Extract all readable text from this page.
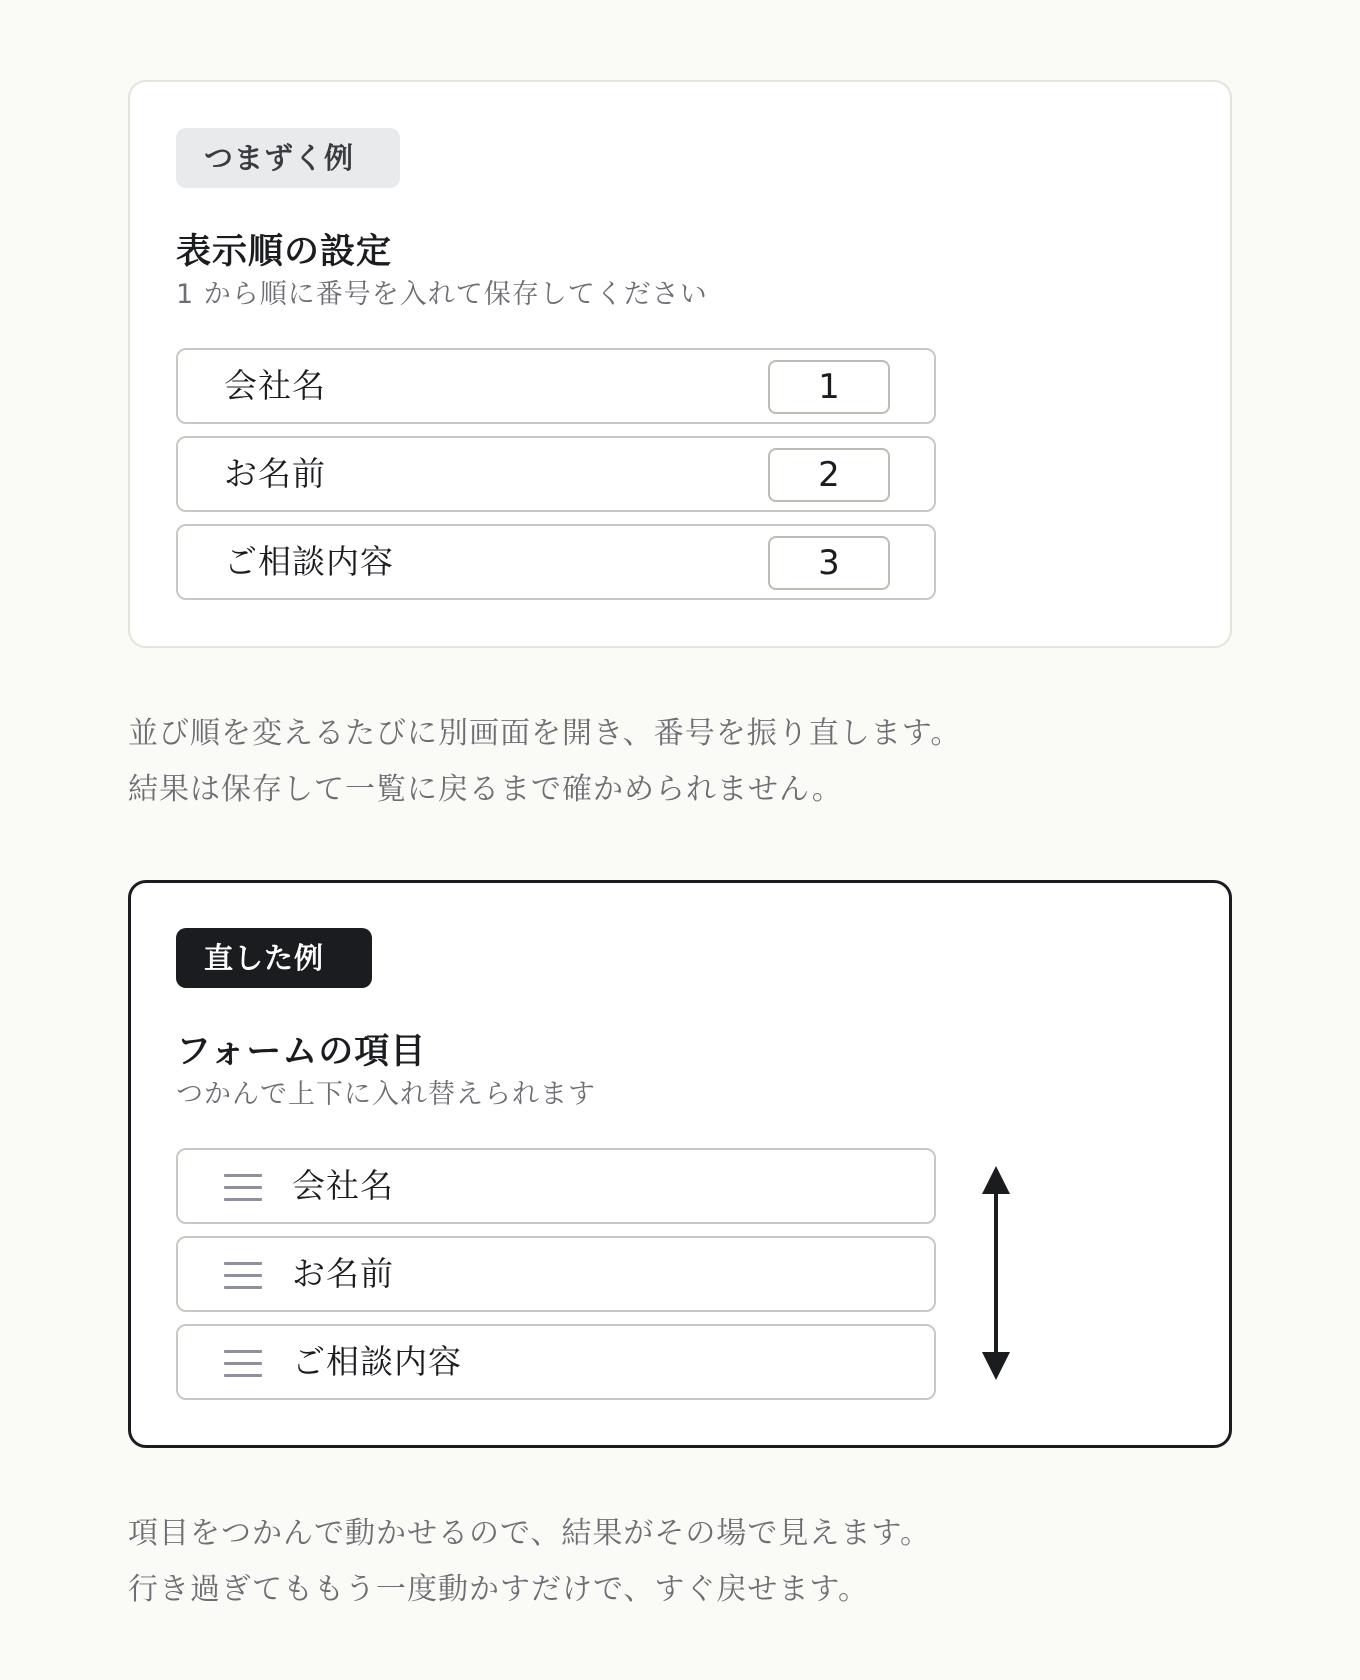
つまずく例
表示順の設定
1 から順に番号を入れて保存してください
会社名	1
お名前	2
ご相談内容	3
並び順を変えるたびに別画面を開き、番号を振り直します。
結果は保存して一覧に戻るまで確かめられません。
直した例
フォームの項目
つかんで上下に入れ替えられます
会社名
お名前
ご相談内容
項目をつかんで動かせるので、結果がその場で見えます。
行き過ぎてももう一度動かすだけで、すぐ戻せます。
